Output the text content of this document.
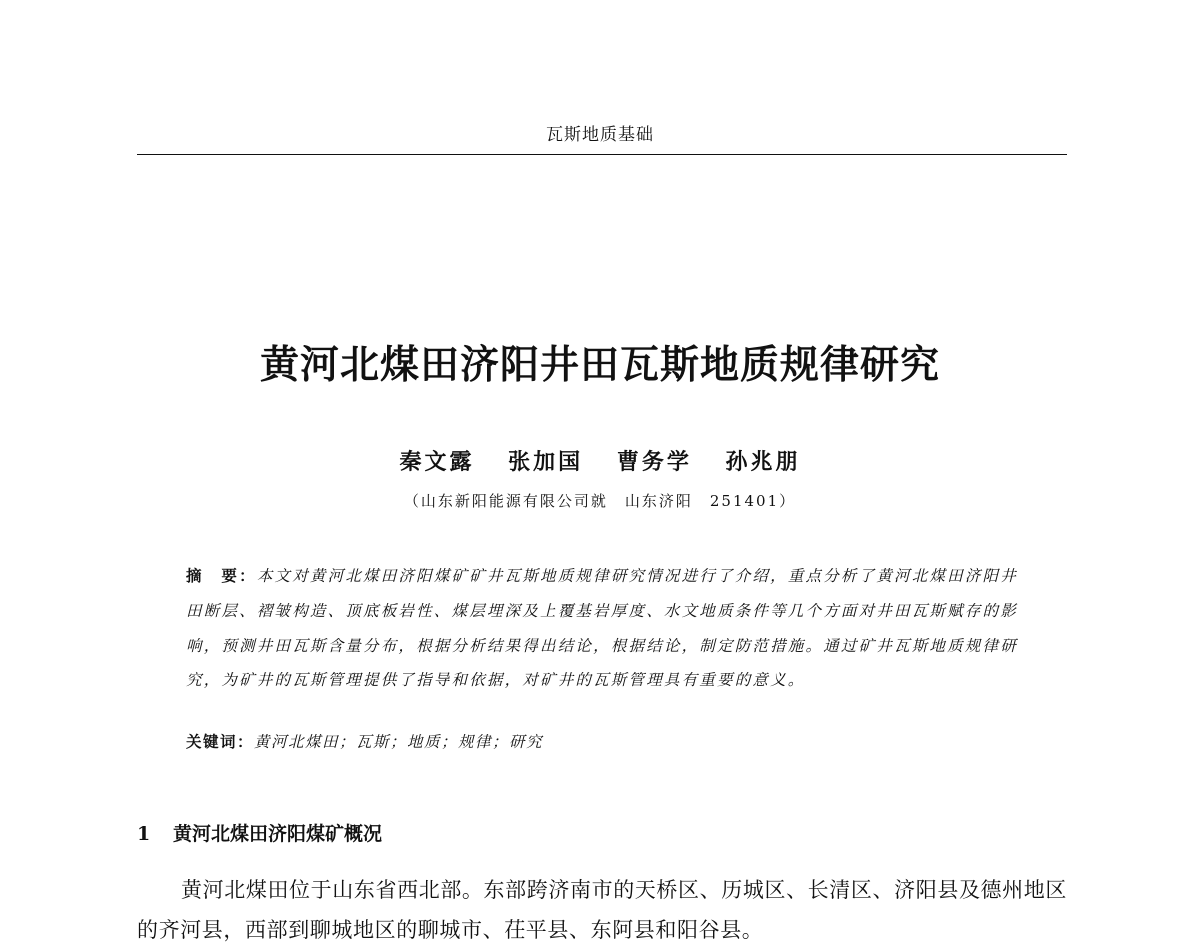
瓦斯地质基础
黄河北煤田济阳井田瓦斯地质规律研究
秦文露 张加国 曹务学 孙兆朋
（山东新阳能源有限公司就　山东济阳　251401）
摘　要：本文对黄河北煤田济阳煤矿矿井瓦斯地质规律研究情况进行了介绍，重点分析了黄河北煤田济阳井田断层、褶皱构造、顶底板岩性、煤层埋深及上覆基岩厚度、水文地质条件等几个方面对井田瓦斯赋存的影响，预测井田瓦斯含量分布，根据分析结果得出结论，根据结论，制定防范措施。通过矿井瓦斯地质规律研究，为矿井的瓦斯管理提供了指导和依据，对矿井的瓦斯管理具有重要的意义。
关键词：黄河北煤田；瓦斯；地质；规律；研究
1 黄河北煤田济阳煤矿概况

黄河北煤田位于山东省西北部。东部跨济南市的天桥区、历城区、长清区、济阳县及德州地区的齐河县，西部到聊城地区的聊城市、茌平县、东阿县和阳谷县。
